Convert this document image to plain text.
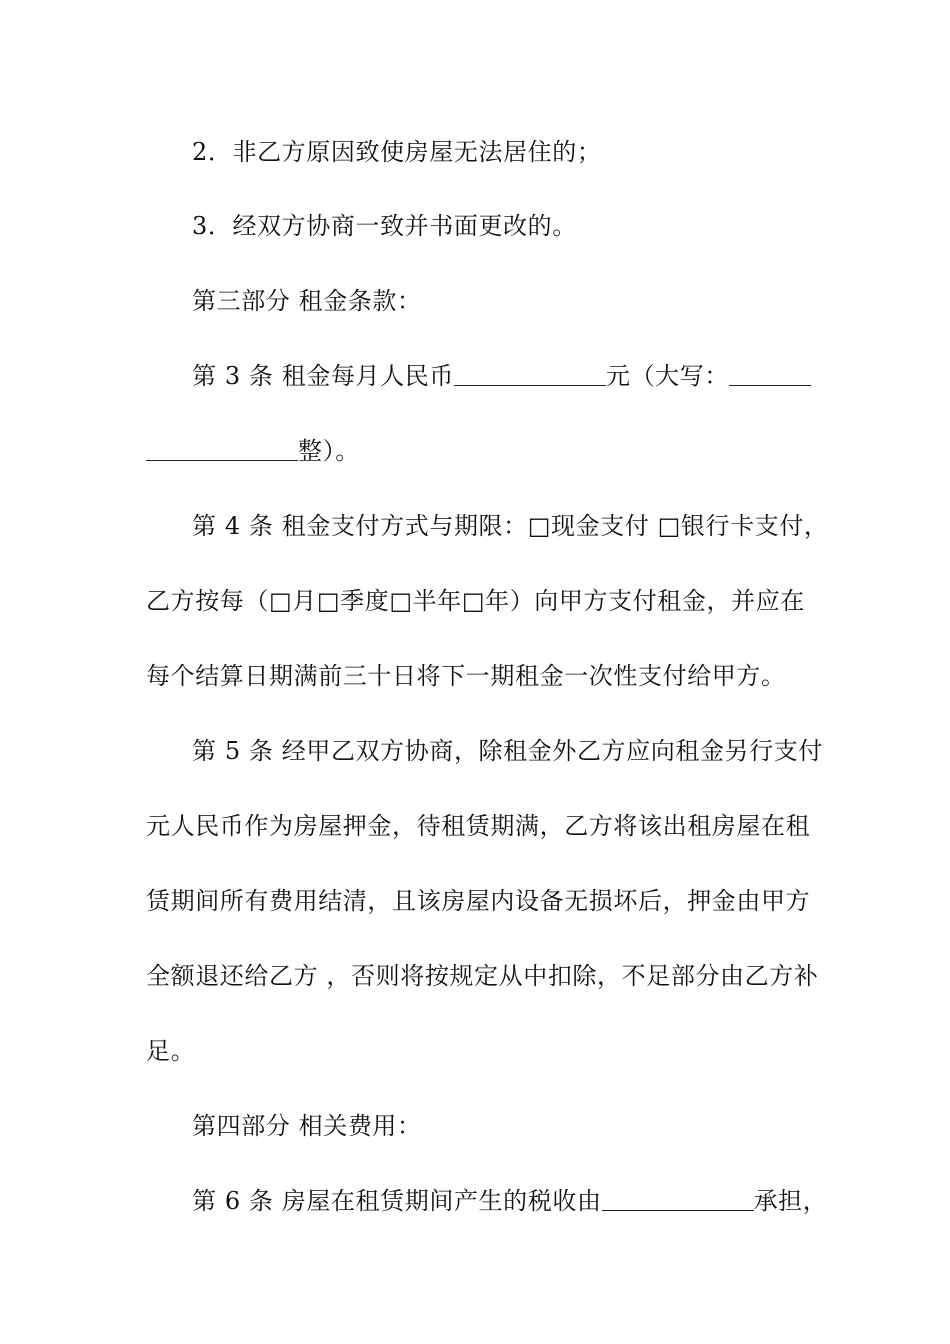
2．非乙方原因致使房屋无法居住的；
3．经双方协商一致并书面更改的。
第三部分 租金条款：
第 3 条 租金每月人民币	元（大写：
整）。
第 4 条 租金支付方式与期限：□现金支付 □银行卡支付，
乙方按每（□月□季度□半年□年）向甲方支付租金，并应在
每个结算日期满前三十日将下一期租金一次性支付给甲方。
第 5 条 经甲乙双方协商，除租金外乙方应向租金另行支付
元人民币作为房屋押金，待租赁期满，乙方将该出租房屋在租
赁期间所有费用结清，且该房屋内设备无损坏后，押金由甲方
全额退还给乙方 ，否则将按规定从中扣除，不足部分由乙方补
足。
第四部分 相关费用：
第 6 条 房屋在租赁期间产生的税收由	承担，
